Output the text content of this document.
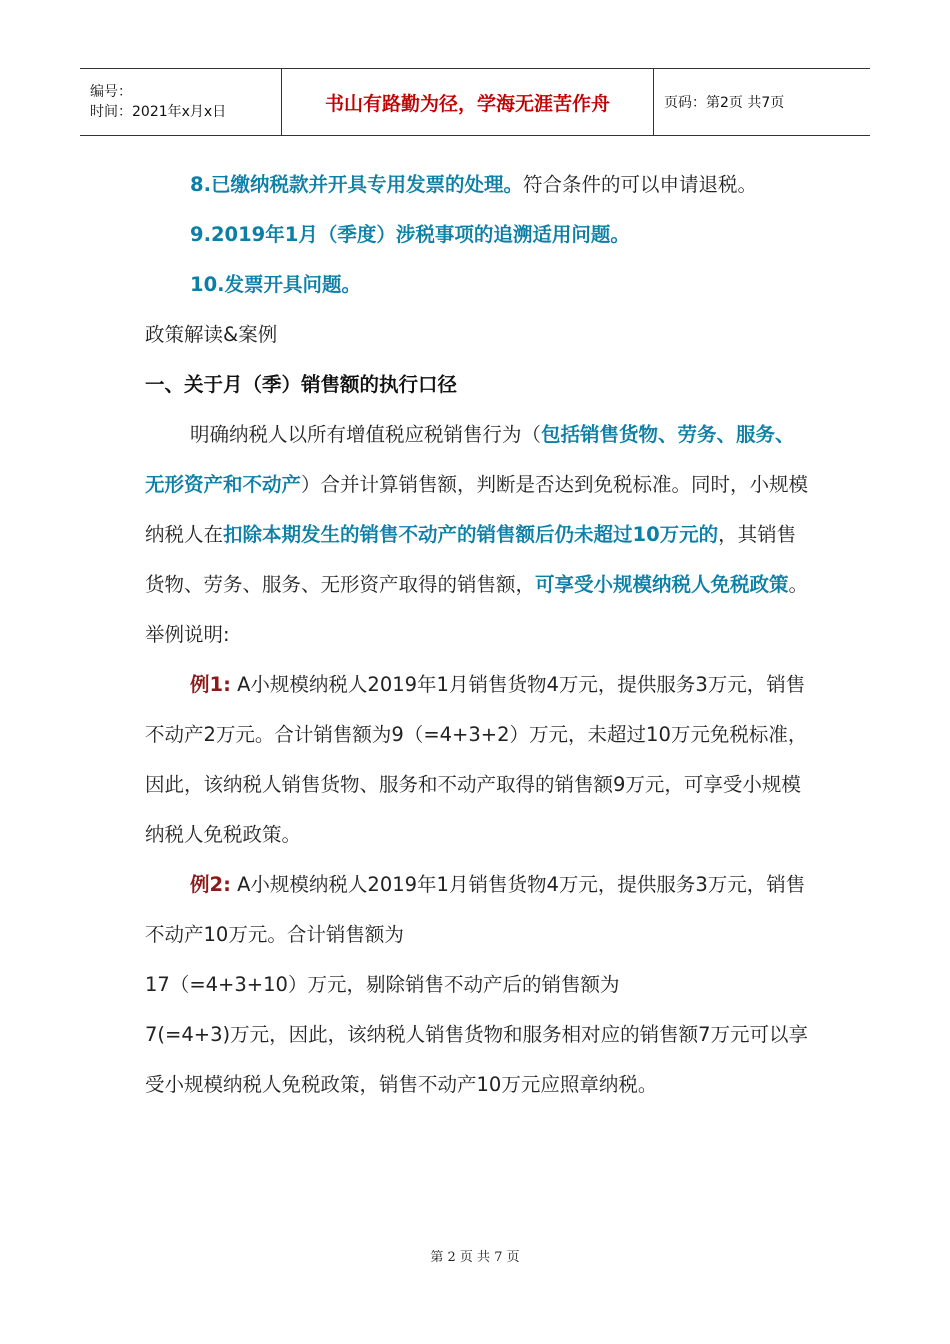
编号：
时间：2021年x月x日	书山有路勤为径，学海无涯苦作舟	页码：第2页 共7页

8.已缴纳税款并开具专用发票的处理。符合条件的可以申请退税。

9.2019年1月（季度）涉税事项的追溯适用问题。

10.发票开具问题。

政策解读&案例

一、关于月（季）销售额的执行口径

明确纳税人以所有增值税应税销售行为（包括销售货物、劳务、服务、无形资产和不动产）合并计算销售额，判断是否达到免税标准。同时，小规模纳税人在扣除本期发生的销售不动产的销售额后仍未超过10万元的，其销售货物、劳务、服务、无形资产取得的销售额，可享受小规模纳税人免税政策。举例说明:

例1: A小规模纳税人2019年1月销售货物4万元，提供服务3万元，销售不动产2万元。合计销售额为9（=4+3+2）万元，未超过10万元免税标准，因此，该纳税人销售货物、服务和不动产取得的销售额9万元，可享受小规模纳税人免税政策。

例2: A小规模纳税人2019年1月销售货物4万元，提供服务3万元，销售不动产10万元。合计销售额为

17（=4+3+10）万元，剔除销售不动产后的销售额为

7(=4+3)万元，因此，该纳税人销售货物和服务相对应的销售额7万元可以享受小规模纳税人免税政策，销售不动产10万元应照章纳税。

第 2 页 共 7 页
